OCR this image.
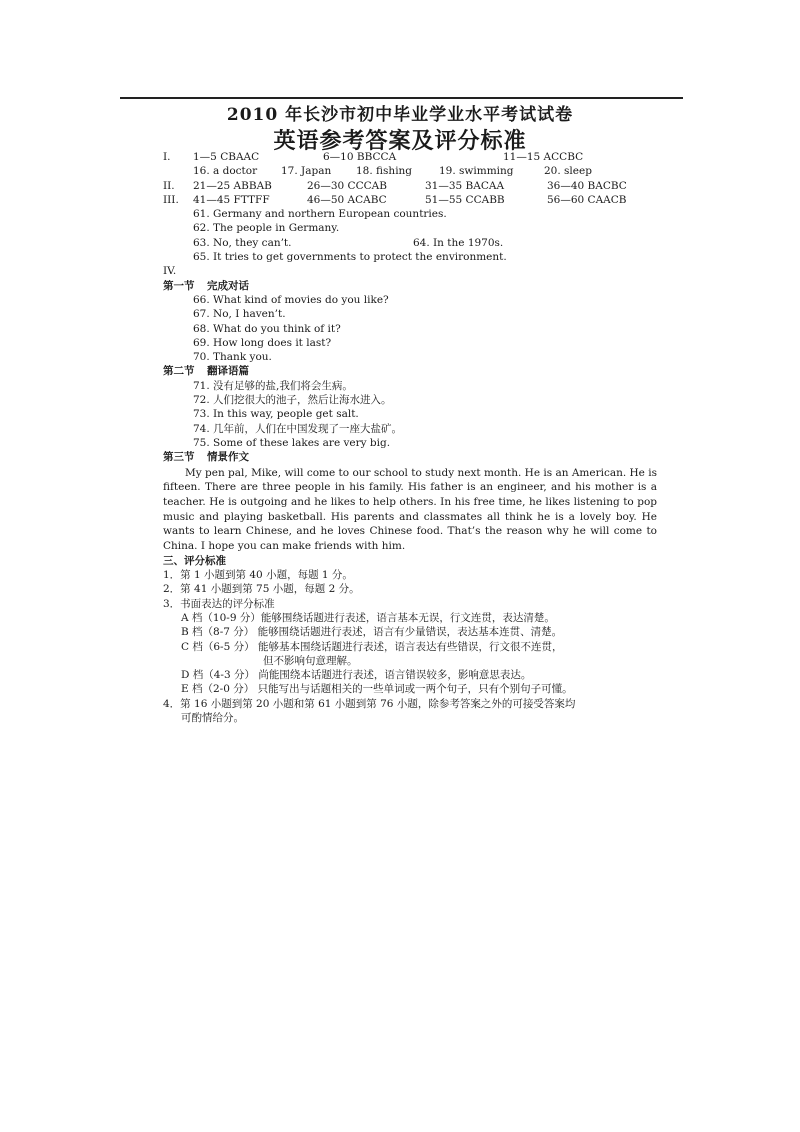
2010 年长沙市初中毕业学业水平考试试卷
英语参考答案及评分标准
I. 1—5 CBAAC	6—10 BBCCA	11—15 ACCBC
16. a doctor 17. Japan 18. fishing	19. swimming	20. sleep
II. 21—25 ABBAB	26—30 CCCAB	31—35 BACAA	36—40 BACBC
III. 41—45 FTTFF	46—50 ACABC	51—55 CCABB	56—60 CAACB
61. Germany and northern European countries.
62. The people in Germany.
63. No, they can’t.	64. In the 1970s.
65. It tries to get governments to protect the environment.
IV.
第一节 完成对话
66. What kind of movies do you like?
67. No, I haven’t.
68. What do you think of it?
69. How long does it last?
70. Thank you.
第二节 翻译语篇
71. 没有足够的盐,我们将会生病。
72. 人们挖很大的池子，然后让海水进入。
73. In this way, people get salt.
74. 几年前，人们在中国发现了一座大盐矿。
75. Some of these lakes are very big.
第三节 情景作文

My pen pal, Mike, will come to our school to study next month. He is an American. He is fifteen. There are three people in his family. His father is an engineer, and his mother is a teacher. He is outgoing and he likes to help others. In his free time, he likes listening to pop music and playing basketball. His parents and classmates all think he is a lovely boy. He wants to learn Chinese, and he loves Chinese food. That’s the reason why he will come to China. I hope you can make friends with him.

三、评分标准
1．第 1 小题到第 40 小题，每题 1 分。
2．第 41 小题到第 75 小题，每题 2 分。
3．书面表达的评分标准
A 档（10-9 分）能够围绕话题进行表述，语言基本无误，行文连贯，表达清楚。
B 档（8-7 分） 能够围绕话题进行表述，语言有少量错误，表达基本连贯、清楚。
C 档（6-5 分） 能够基本围绕话题进行表述，语言表达有些错误，行文很不连贯，
但不影响句意理解。
D 档（4-3 分） 尚能围绕本话题进行表述，语言错误较多，影响意思表达。
E 档（2-0 分） 只能写出与话题相关的一些单词或一两个句子，只有个别句子可懂。
4．第 16 小题到第 20 小题和第 61 小题到第 76 小题，除参考答案之外的可接受答案均
可酌情给分。
